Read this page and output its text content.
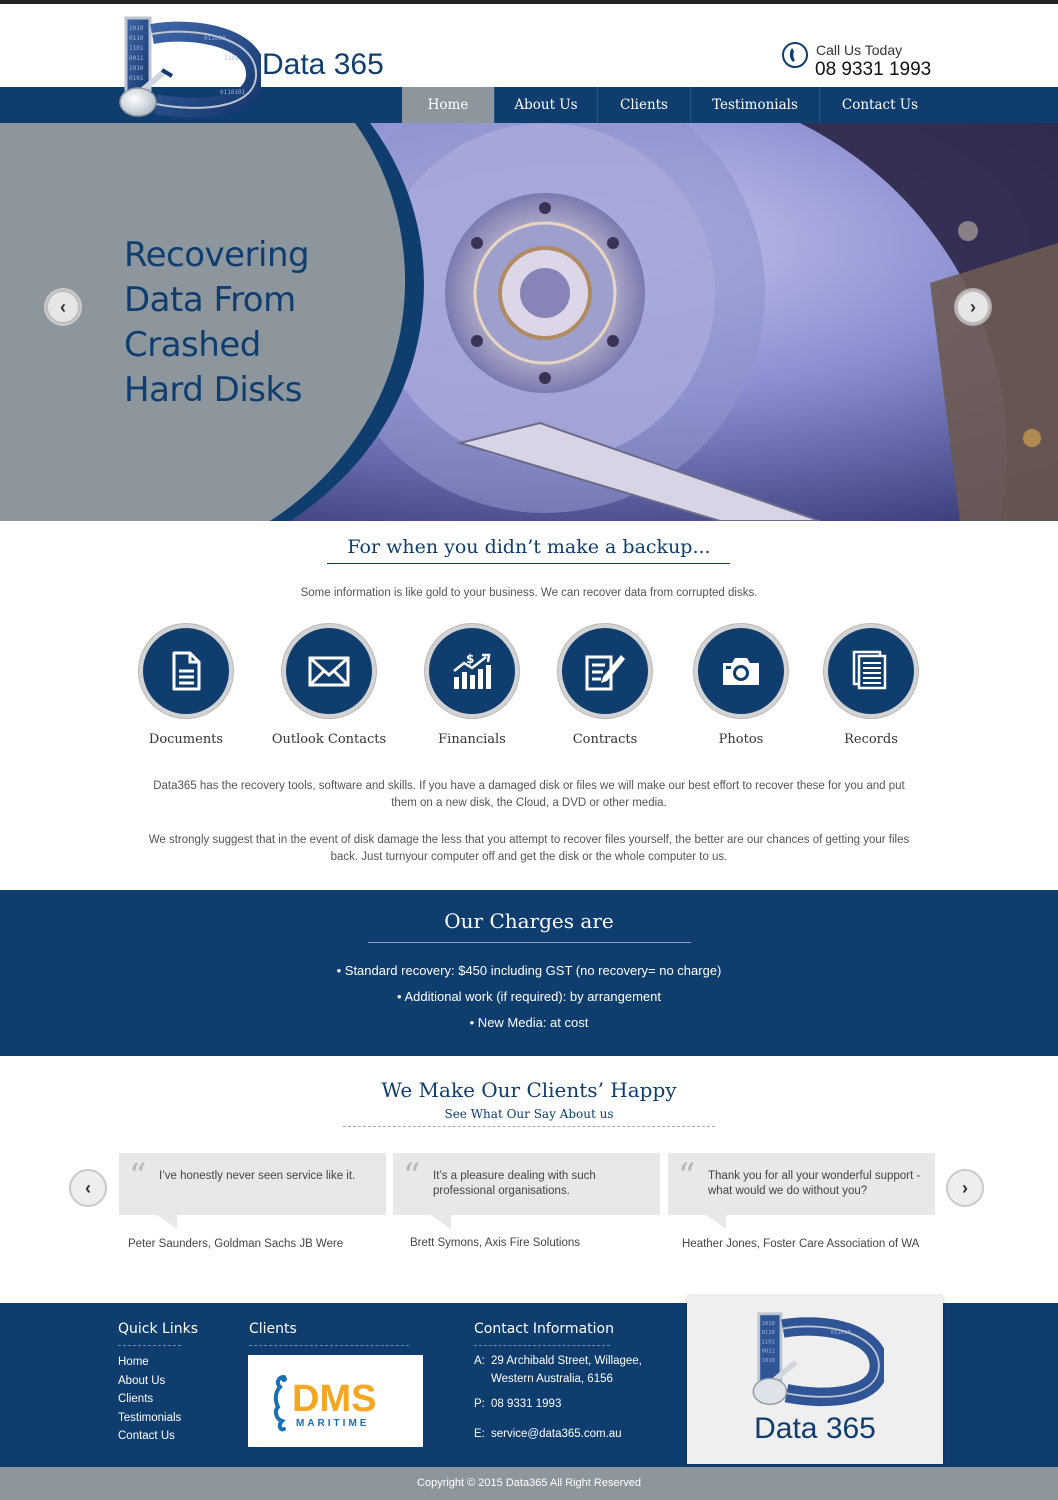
Call Us Today
08 9331 1993
1010
0110
1101
0011
1010
0101
011010
1101
0110101
Data 365
Home	About Us	Clients	Testimonials	Contact Us
Recovering
Data From
Crashed
Hard Disks
‹	›
For when you didn’t make a backup...
Some information is like gold to your business. We can recover data from corrupted disks.
Documents	Outlook Contacts
$
Financials	Contracts	Photos	Records
Data365 has the recovery tools, software and skills. If you have a damaged disk or files we will make our best effort to recover these for you and put them on a new disk, the Cloud, a DVD or other media.
We strongly suggest that in the event of disk damage the less that you attempt to recover files yourself, the better are our chances of getting your files back. Just turnyour computer off and get the disk or the whole computer to us.
Our Charges are
• Standard recovery: $450 including GST (no recovery= no charge)
• Additional work (if required): by arrangement
• New Media: at cost
We Make Our Clients’ Happy
See What Our Say About us
‹	›
“ I’ve honestly never seen service like it.
Peter Saunders, Goldman Sachs JB Were
“ It’s a pleasure dealing with such professional organisations.
Brett Symons, Axis Fire Solutions
“ Thank you for all your wonderful support - what would we do without you?
Heather Jones, Foster Care Association of WA
Quick Links
Home
About Us
Clients
Testimonials
Contact Us
Clients
DMS
MARITIME
Contact Information
A: 29 Archibald Street, Willagee, Western Australia, 6156
P: 08 9331 1993
E: service@data365.com.au
1010
0110
1101
0011
1010
011010
Data 365
Copyright © 2015 Data365 All Right Reserved
